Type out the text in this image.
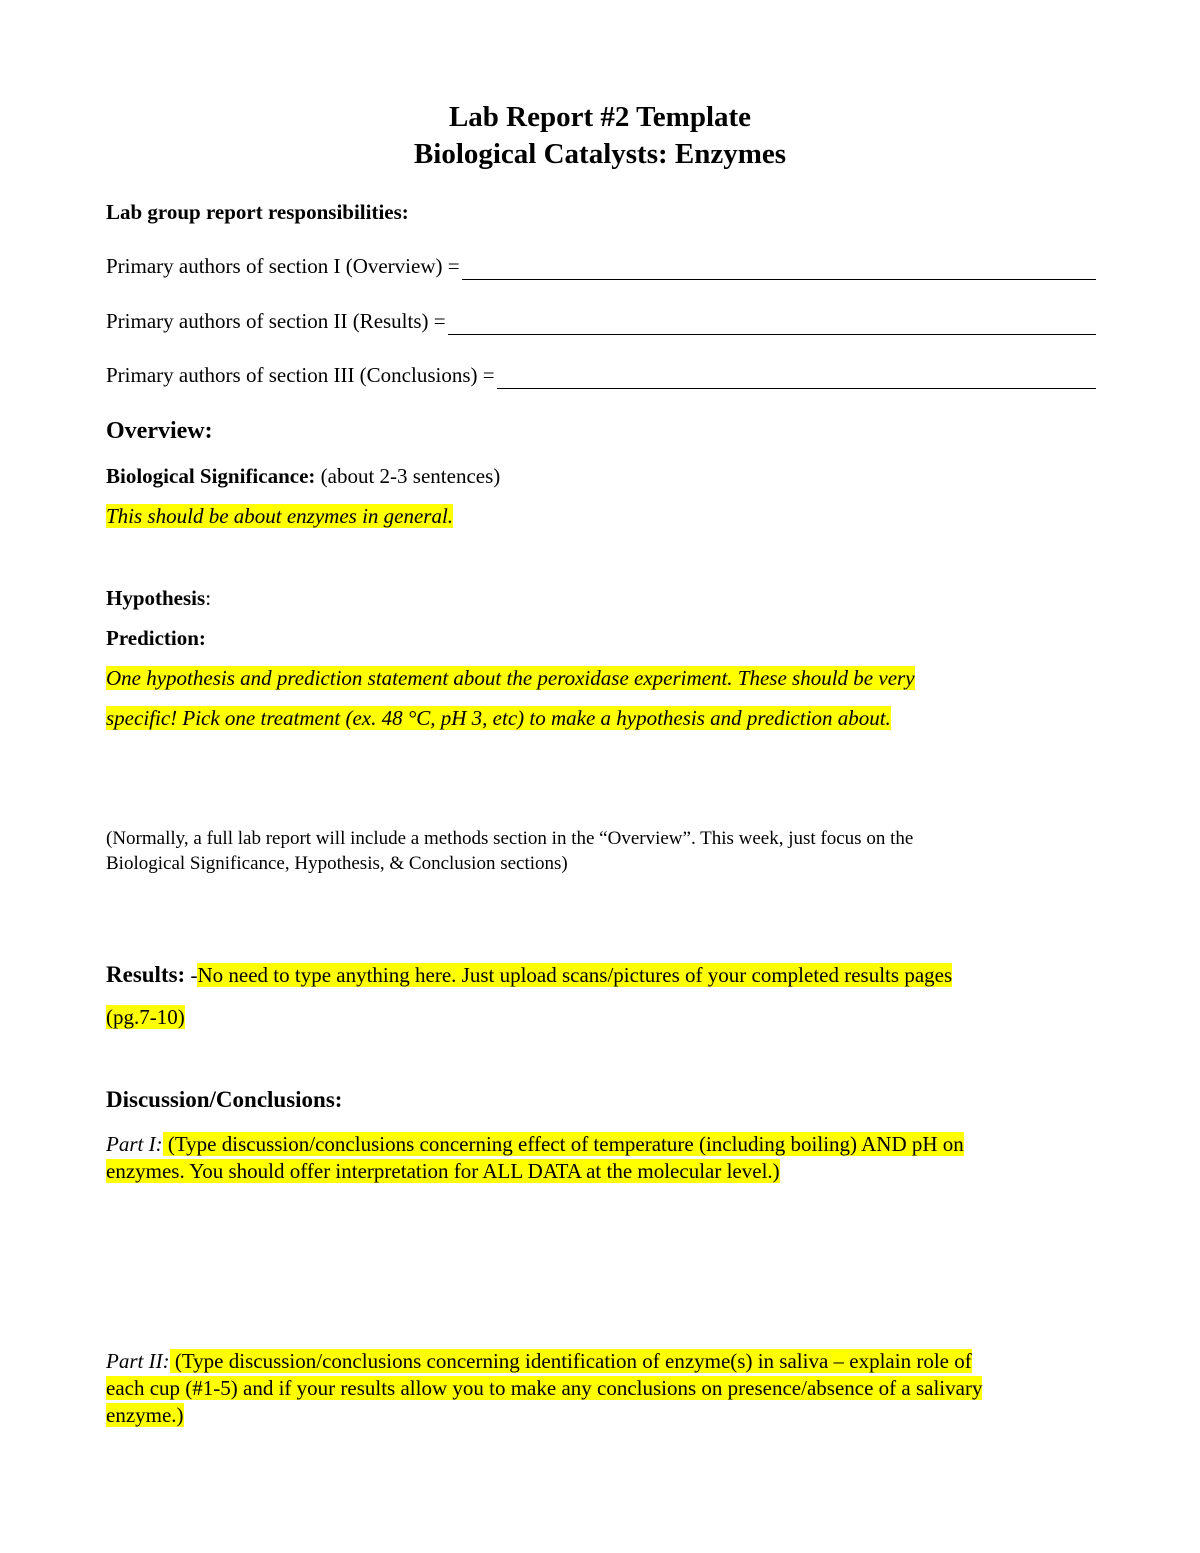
Lab Report #2 Template
Biological Catalysts: Enzymes
Lab group report responsibilities:
Primary authors of section I (Overview) =
Primary authors of section II (Results) =
Primary authors of section III (Conclusions) =
Overview:
Biological Significance: (about 2-3 sentences)
This should be about enzymes in general.
Hypothesis:
Prediction:
One hypothesis and prediction statement about the peroxidase experiment. These should be very
specific! Pick one treatment (ex. 48 °C, pH 3, etc) to make a hypothesis and prediction about.
(Normally, a full lab report will include a methods section in the “Overview”. This week, just focus on the
Biological Significance, Hypothesis, & Conclusion sections)
Results: -No need to type anything here. Just upload scans/pictures of your completed results pages
(pg.7-10)
Discussion/Conclusions:
Part I: (Type discussion/conclusions concerning effect of temperature (including boiling) AND pH on
enzymes. You should offer interpretation for ALL DATA at the molecular level.)
Part II: (Type discussion/conclusions concerning identification of enzyme(s) in saliva – explain role of
each cup (#1-5) and if your results allow you to make any conclusions on presence/absence of a salivary
enzyme.)
